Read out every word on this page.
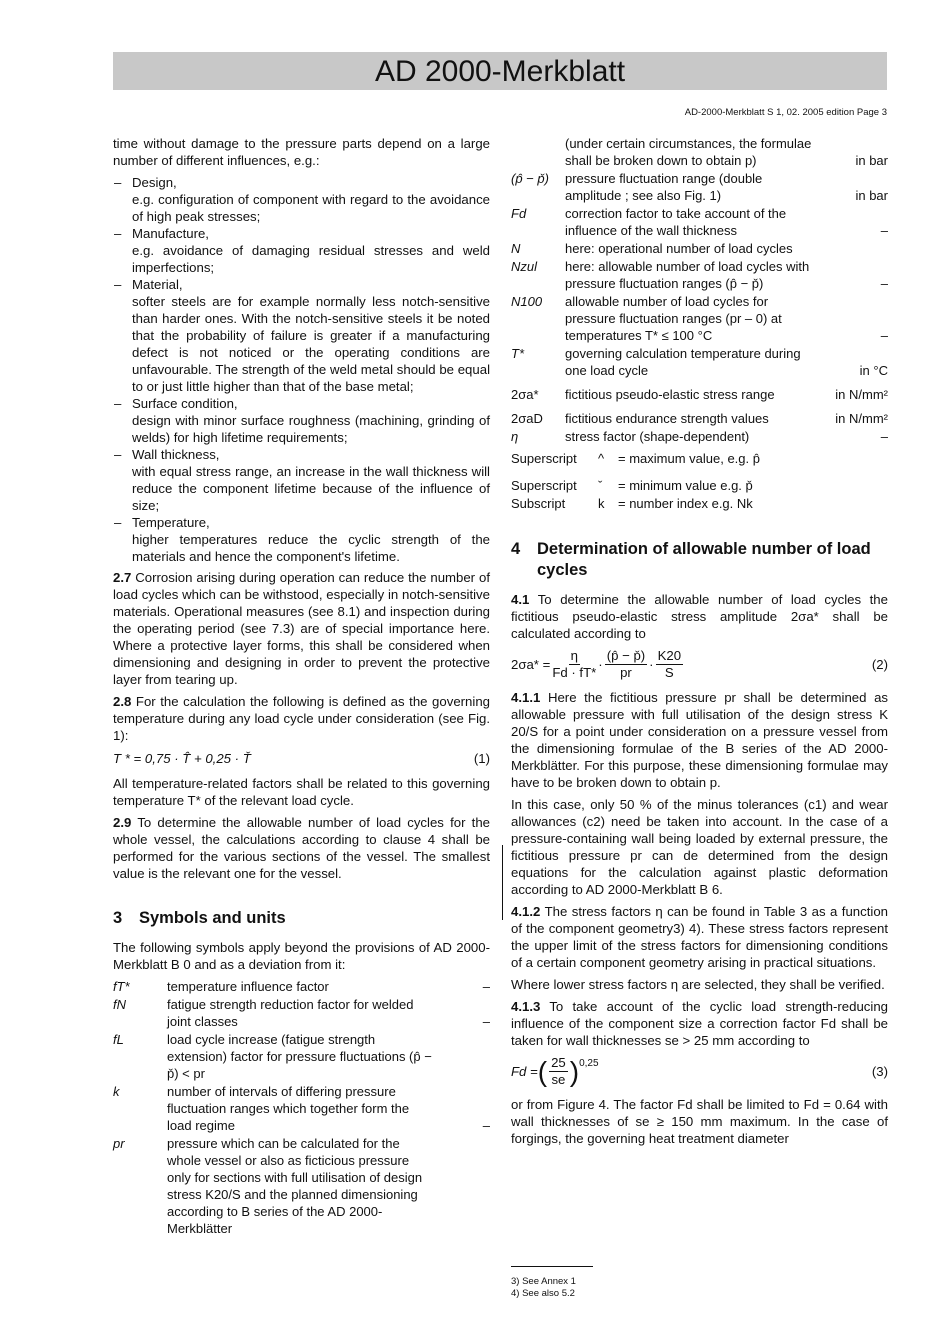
AD 2000-Merkblatt
AD-2000-Merkblatt S 1, 02. 2005 edition Page 3

time without damage to the pressure parts depend on a large number of different influences, e.g.:

– Design,
e.g. configuration of component with regard to the avoidance of high peak stresses;
– Manufacture,
e.g. avoidance of damaging residual stresses and weld imperfections;
– Material,
softer steels are for example normally less notch-sensitive than harder ones. With the notch-sensitive steels it be noted that the probability of failure is greater if a manufacturing defect is not noticed or the operating conditions are unfavourable. The strength of the weld metal should be equal to or just little higher than that of the base metal;
– Surface condition,
design with minor surface roughness (machining, grinding of welds) for high lifetime requirements;
– Wall thickness,
with equal stress range, an increase in the wall thickness will reduce the component lifetime because of the influence of size;
– Temperature,
higher temperatures reduce the cyclic strength of the materials and hence the component's lifetime.

2.7 Corrosion arising during operation can reduce the number of load cycles which can be withstood, especially in notch-sensitive materials. Operational measures (see 8.1) and inspection during the operating period (see 7.3) are of special importance here. Where a protective layer forms, this shall be considered when dimensioning and designing in order to prevent the protective layer from tearing up.

2.8 For the calculation the following is defined as the governing temperature during any load cycle under consideration (see Fig. 1):

T * = 0,75 · T̂ + 0,25 · Ť	(1)

All temperature-related factors shall be related to this governing temperature T* of the relevant load cycle.

2.9 To determine the allowable number of load cycles for the whole vessel, the calculations according to clause 4 shall be performed for the various sections of the vessel. The smallest value is the relevant one for the vessel.

3 Symbols and units

The following symbols apply beyond the provisions of AD 2000-Merkblatt B 0 and as a deviation from it:

fT*	temperature influence factor	–
fN	fatigue strength reduction factor for welded joint classes	–
fL	load cycle increase (fatigue strength extension) factor for pressure fluctuations (p̂ − p̌) < pr	
k	number of intervals of differing pressure fluctuation ranges which together form the load regime	–
pr	pressure which can be calculated for the whole vessel or also as ficticious pressure only for sections with full utilisation of design stress K20/S and the planned dimensioning according to B series of the AD 2000-Merkblätter	
	(under certain circumstances, the formulae shall be broken down to obtain p)	in bar
(p̂ − p̌)	pressure fluctuation range (double amplitude ; see also Fig. 1)	in bar
Fd	correction factor to take account of the influence of the wall thickness	–
N	here: operational number of load cycles	
Nzul	here: allowable number of load cycles with pressure fluctuation ranges (p̂ − p̌)	–
N100	allowable number of load cycles for pressure fluctuation ranges (pr – 0) at temperatures T* ≤ 100 °C	–
T*	governing calculation temperature during one load cycle	in °C
2σa*	fictitious pseudo-elastic stress range	in N/mm²
2σaD	fictitious endurance strength values	in N/mm²
η	stress factor (shape-dependent)	–
Superscript	^	= maximum value, e.g. p̂
Superscript	ˇ	= minimum value e.g. p̌
Subscript	k	= number index e.g. Nk
4	Determination of allowable number of load cycles

4.1 To determine the allowable number of load cycles the fictitious pseudo-elastic stress amplitude 2σa* shall be calculated according to

$2\sigma a* = \frac{\eta}{Fd \cdot fT*} \cdot \frac{(p̂ - p̌)}{pr} \cdot \frac{K20}{S}$	(2)

4.1.1 Here the fictitious pressure pr shall be determined as allowable pressure with full utilisation of the design stress K 20/S for a point under consideration on a pressure vessel from the dimensioning formulae of the B series of the AD 2000-Merkblätter. For this purpose, these dimensioning formulae may have to be broken down to obtain p.

In this case, only 50 % of the minus tolerances (c1) and wear allowances (c2) need be taken into account. In the case of a pressure-containing wall being loaded by external pressure, the fictitious pressure pr can de determined from the design equations for the calculation against plastic deformation according to AD 2000-Merkblatt B 6.

4.1.2 The stress factors η can be found in Table 3 as a function of the component geometry3) 4). These stress factors represent the upper limit of the stress factors for dimensioning conditions of a certain component geometry arising in practical situations.

Where lower stress factors η are selected, they shall be verified.

4.1.3 To take account of the cyclic load strength-reducing influence of the component size a correction factor Fd shall be taken for wall thicknesses se > 25 mm according to

Fd = ( $\frac{25}{se} )^{0,25}$
(3)

or from Figure 4. The factor Fd shall be limited to Fd = 0.64 with wall thicknesses of se ≥ 150 mm maximum. In the case of forgings, the governing heat treatment diameter

3) See Annex 1
4) See also 5.2
